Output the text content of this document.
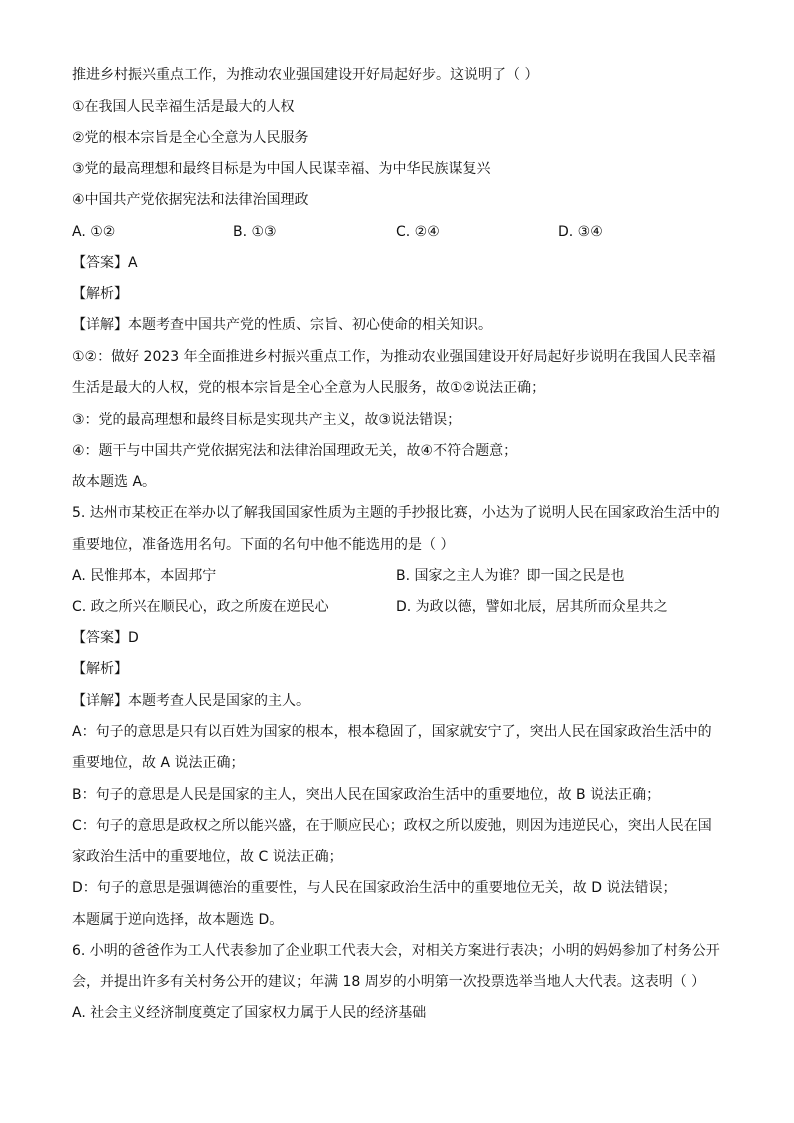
推进乡村振兴重点工作，为推动农业强国建设开好局起好步。这说明了（ ）
①在我国人民幸福生活是最大的人权
②党的根本宗旨是全心全意为人民服务
③党的最高理想和最终目标是为中国人民谋幸福、为中华民族谋复兴
④中国共产党依据宪法和法律治国理政
A. ①②	B. ①③	C. ②④	D. ③④
【答案】A
【解析】
【详解】本题考查中国共产党的性质、宗旨、初心使命的相关知识。
①②：做好 2023 年全面推进乡村振兴重点工作，为推动农业强国建设开好局起好步说明在我国人民幸福
生活是最大的人权，党的根本宗旨是全心全意为人民服务，故①②说法正确；
③：党的最高理想和最终目标是实现共产主义，故③说法错误；
④：题干与中国共产党依据宪法和法律治国理政无关，故④不符合题意；
故本题选 A。
5. 达州市某校正在举办以了解我国国家性质为主题的手抄报比赛，小达为了说明人民在国家政治生活中的
重要地位，准备选用名句。下面的名句中他不能选用的是（ ）
A. 民惟邦本，本固邦宁	B. 国家之主人为谁？即一国之民是也
C. 政之所兴在顺民心，政之所废在逆民心	D. 为政以德，譬如北辰，居其所而众星共之
【答案】D
【解析】
【详解】本题考查人民是国家的主人。
A：句子的意思是只有以百姓为国家的根本，根本稳固了，国家就安宁了，突出人民在国家政治生活中的
重要地位，故 A 说法正确；
B：句子的意思是人民是国家的主人，突出人民在国家政治生活中的重要地位，故 B 说法正确；
C：句子的意思是政权之所以能兴盛，在于顺应民心；政权之所以废弛，则因为违逆民心，突出人民在国
家政治生活中的重要地位，故 C 说法正确；
D：句子的意思是强调德治的重要性，与人民在国家政治生活中的重要地位无关，故 D 说法错误；
本题属于逆向选择，故本题选 D。
6. 小明的爸爸作为工人代表参加了企业职工代表大会，对相关方案进行表决；小明的妈妈参加了村务公开
会，并提出许多有关村务公开的建议；年满 18 周岁的小明第一次投票选举当地人大代表。这表明（ ）
A. 社会主义经济制度奠定了国家权力属于人民的经济基础
